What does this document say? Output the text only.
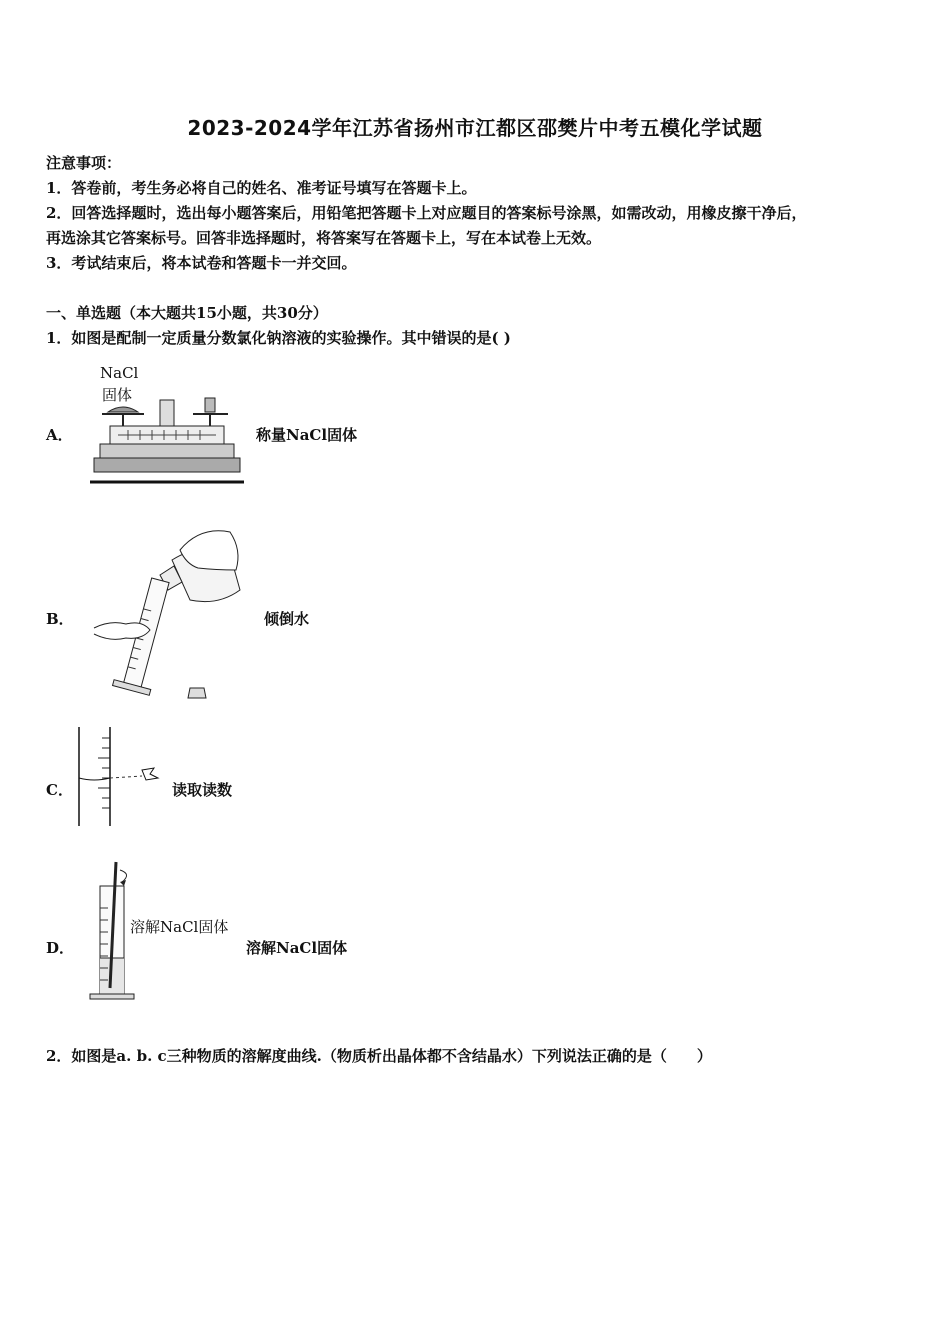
2023-2024学年江苏省扬州市江都区邵樊片中考五模化学试题
注意事项：
1．答卷前，考生务必将自己的姓名、准考证号填写在答题卡上。
2．回答选择题时，选出每小题答案后，用铅笔把答题卡上对应题目的答案标号涂黑，如需改动，用橡皮擦干净后，
再选涂其它答案标号。回答非选择题时，将答案写在答题卡上，写在本试卷上无效。
3．考试结束后，将本试卷和答题卡一并交回。
一、单选题（本大题共15小题，共30分）
1．如图是配制一定质量分数氯化钠溶液的实验操作。其中错误的是( )
A．
NaCl
固体
称量NaCl固体
B．	倾倒水
C．	读取读数
D．
溶解NaCl固体
溶解NaCl固体
2．如图是a. b. c三种物质的溶解度曲线.（物质析出晶体都不含结晶水）下列说法正确的是（　　）
